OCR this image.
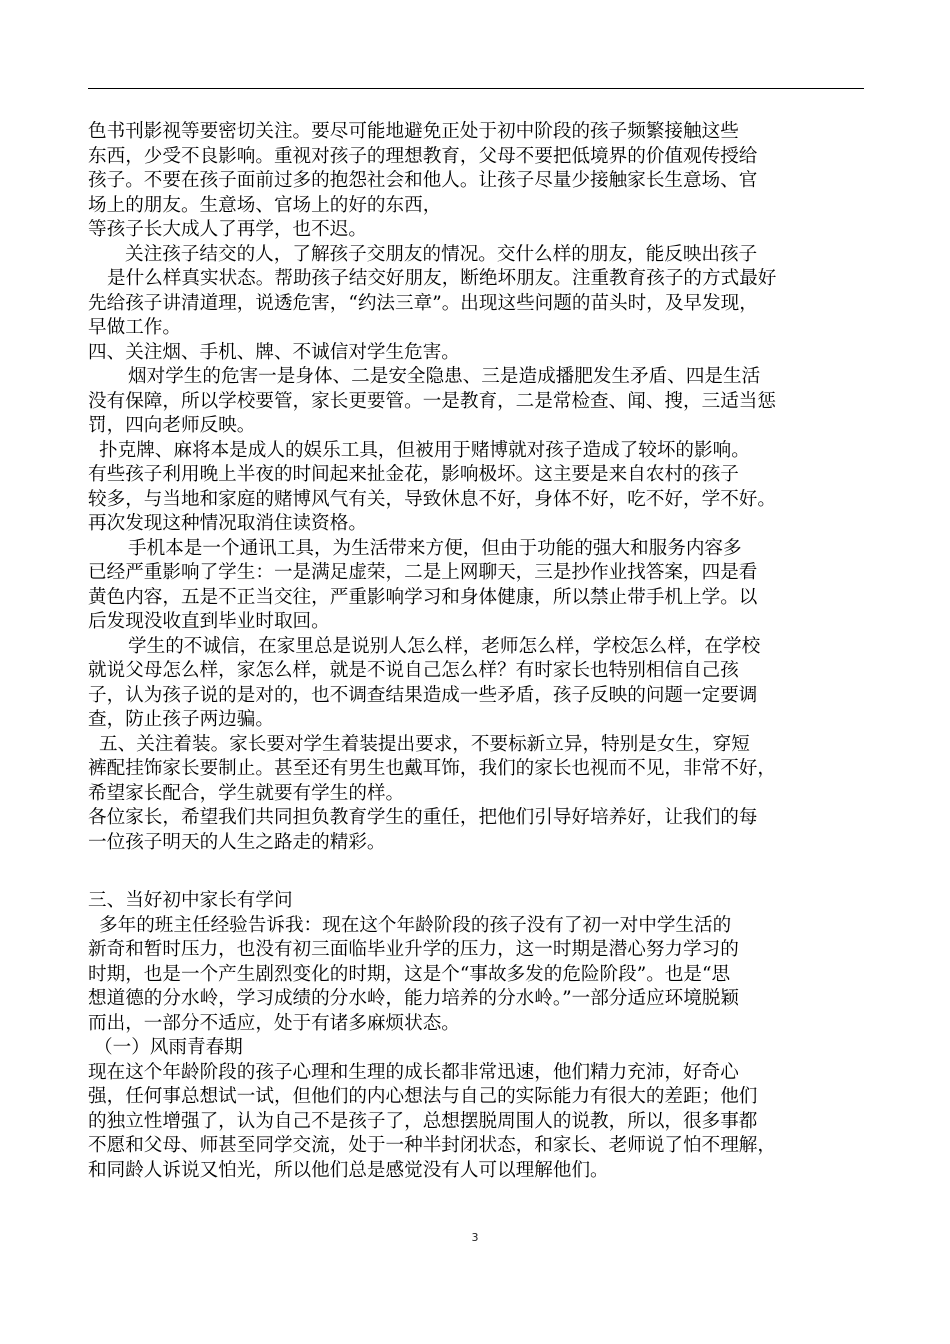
色书刊影视等要密切关注。要尽可能地避免正处于初中阶段的孩子频繁接触这些
东西，少受不良影响。重视对孩子的理想教育，父母不要把低境界的价值观传授给
孩子。不要在孩子面前过多的抱怨社会和他人。让孩子尽量少接触家长生意场、官
场上的朋友。生意场、官场上的好的东西，
等孩子长大成人了再学，也不迟。
关注孩子结交的人，了解孩子交朋友的情况。交什么样的朋友，能反映出孩子
是什么样真实状态。帮助孩子结交好朋友，断绝坏朋友。注重教育孩子的方式最好
先给孩子讲清道理，说透危害，“约法三章”。出现这些问题的苗头时，及早发现，
早做工作。
四、关注烟、手机、牌、不诚信对学生危害。
烟对学生的危害一是身体、二是安全隐患、三是造成播肥发生矛盾、四是生活
没有保障，所以学校要管，家长更要管。一是教育，二是常检查、闻、搜，三适当惩
罚，四向老师反映。
扑克牌、麻将本是成人的娱乐工具，但被用于赌博就对孩子造成了较坏的影响。
有些孩子利用晚上半夜的时间起来扯金花，影响极坏。这主要是来自农村的孩子
较多，与当地和家庭的赌博风气有关，导致休息不好，身体不好，吃不好，学不好。
再次发现这种情况取消住读资格。
手机本是一个通讯工具，为生活带来方便，但由于功能的强大和服务内容多
已经严重影响了学生：一是满足虚荣，二是上网聊天，三是抄作业找答案，四是看
黄色内容，五是不正当交往，严重影响学习和身体健康，所以禁止带手机上学。以
后发现没收直到毕业时取回。
学生的不诚信，在家里总是说别人怎么样，老师怎么样，学校怎么样，在学校
就说父母怎么样，家怎么样，就是不说自己怎么样？有时家长也特别相信自己孩
子，认为孩子说的是对的，也不调查结果造成一些矛盾，孩子反映的问题一定要调
查，防止孩子两边骗。
五、关注着装。家长要对学生着装提出要求，不要标新立异，特别是女生，穿短
裤配挂饰家长要制止。甚至还有男生也戴耳饰，我们的家长也视而不见，非常不好，
希望家长配合，学生就要有学生的样。
各位家长，希望我们共同担负教育学生的重任，把他们引导好培养好，让我们的每
一位孩子明天的人生之路走的精彩。
三、当好初中家长有学问
多年的班主任经验告诉我：现在这个年龄阶段的孩子没有了初一对中学生活的
新奇和暂时压力，也没有初三面临毕业升学的压力，这一时期是潜心努力学习的
时期，也是一个产生剧烈变化的时期，这是个“事故多发的危险阶段”。也是“思
想道德的分水岭，学习成绩的分水岭，能力培养的分水岭。”一部分适应环境脱颖
而出，一部分不适应，处于有诸多麻烦状态。
（一）风雨青春期
现在这个年龄阶段的孩子心理和生理的成长都非常迅速，他们精力充沛，好奇心
强，任何事总想试一试，但他们的内心想法与自己的实际能力有很大的差距；他们
的独立性增强了，认为自己不是孩子了，总想摆脱周围人的说教，所以，很多事都
不愿和父母、师甚至同学交流，处于一种半封闭状态，和家长、老师说了怕不理解，
和同龄人诉说又怕光，所以他们总是感觉没有人可以理解他们。
3
